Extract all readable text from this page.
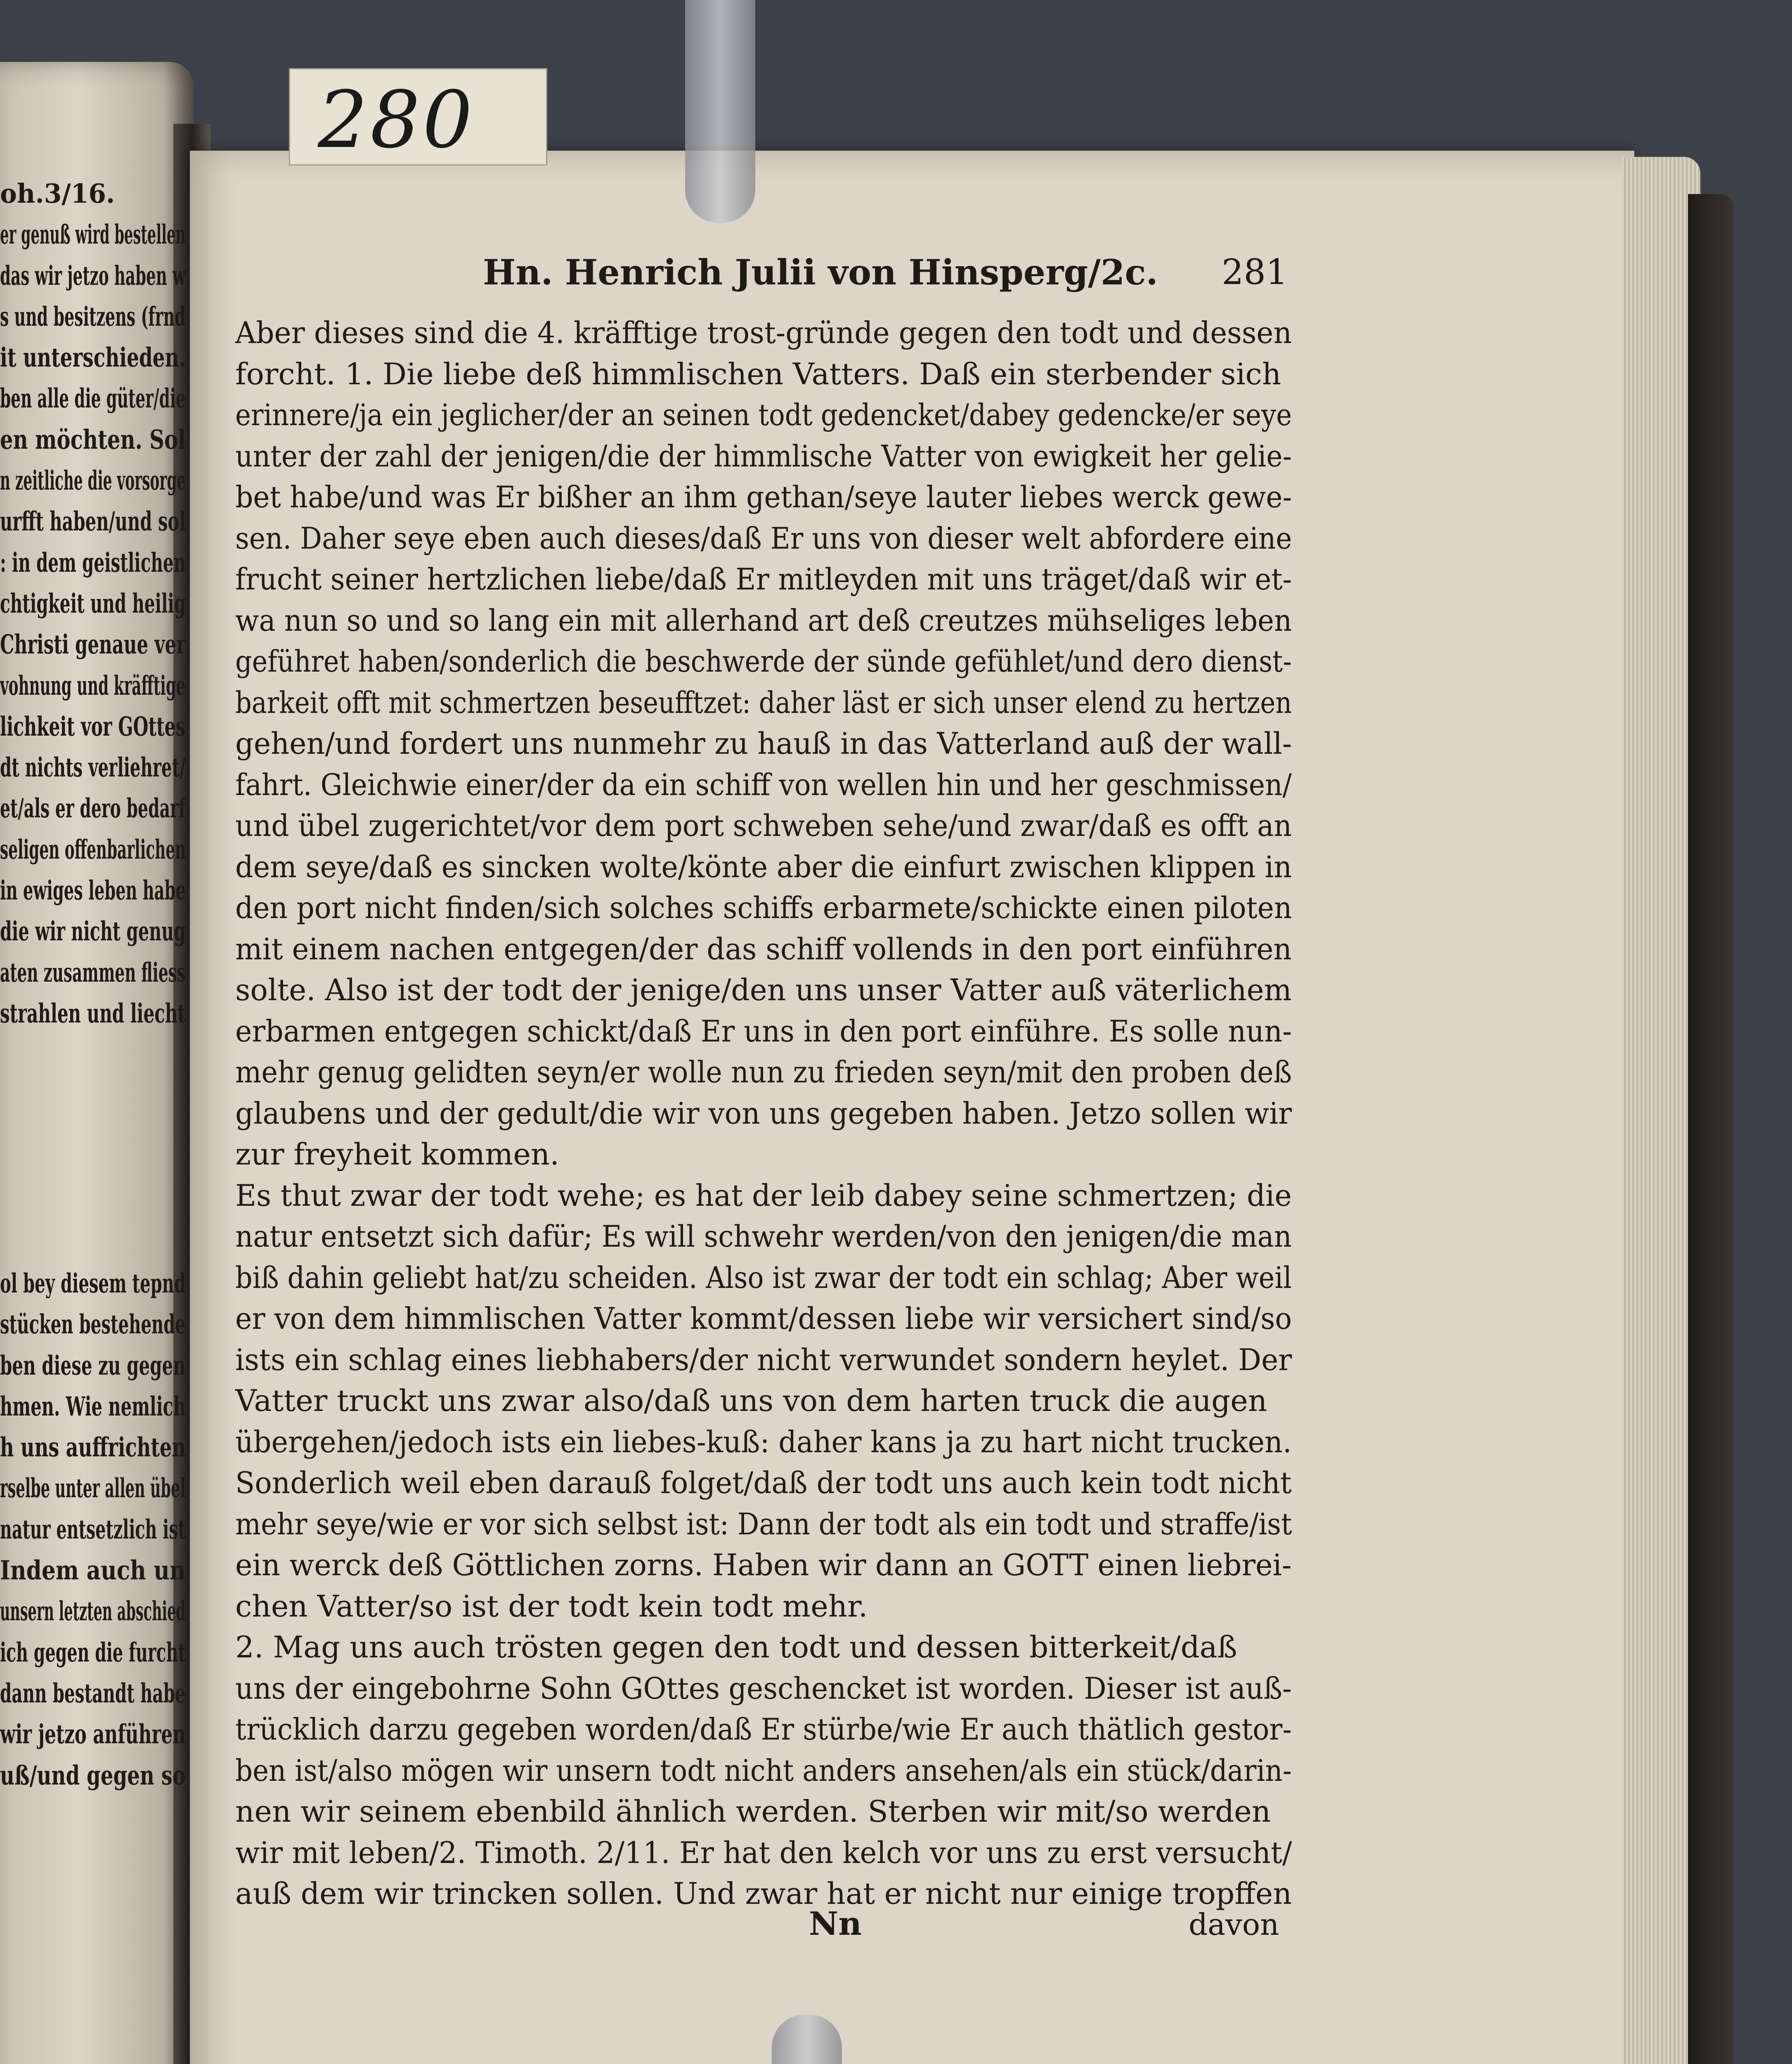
280
oh.3/16.
er genuß wird bestellen
das wir jetzo haben w
s und besitzens (frnd
it unterschieden.
ben alle die güter/die
en möchten. Sol
n zeitliche die vorsorge
urfft haben/und sol
: in dem geistlichen
chtigkeit und heilig
Christi genaue ver
vohnung und kräfftige
lichkeit vor GOttes
dt nichts verliehret/
et/als er dero bedarf
seligen offenbarlichen
in ewiges leben habe
die wir nicht genug
aten zusammen fliess
strahlen und liecht
ol bey diesem tepnd
stücken bestehende
ben diese zu gegen
hmen. Wie nemlich
h uns auffrichten
rselbe unter allen übel
natur entsetzlich ist
Indem auch un
unsern letzten abschied
ich gegen die furcht
dann bestandt habe
wir jetzo anführen
uß/und gegen so
Hn. Henrich Julii von Hinsperg/2c.	281
Aber dieses sind die 4. kräfftige trost-gründe gegen den todt und dessen
forcht. 1. Die liebe deß himmlischen Vatters. Daß ein sterbender sich
erinnere/ja ein jeglicher/der an seinen todt gedencket/dabey gedencke/er seye
unter der zahl der jenigen/die der himmlische Vatter von ewigkeit her gelie-
bet habe/und was Er bißher an ihm gethan/seye lauter liebes werck gewe-
sen. Daher seye eben auch dieses/daß Er uns von dieser welt abfordere eine
frucht seiner hertzlichen liebe/daß Er mitleyden mit uns träget/daß wir et-
wa nun so und so lang ein mit allerhand art deß creutzes mühseliges leben
geführet haben/sonderlich die beschwerde der sünde gefühlet/und dero dienst-
barkeit offt mit schmertzen beseufftzet: daher läst er sich unser elend zu hertzen
gehen/und fordert uns nunmehr zu hauß in das Vatterland auß der wall-
fahrt. Gleichwie einer/der da ein schiff von wellen hin und her geschmissen/
und übel zugerichtet/vor dem port schweben sehe/und zwar/daß es offt an
dem seye/daß es sincken wolte/könte aber die einfurt zwischen klippen in
den port nicht finden/sich solches schiffs erbarmete/schickte einen piloten
mit einem nachen entgegen/der das schiff vollends in den port einführen
solte. Also ist der todt der jenige/den uns unser Vatter auß väterlichem
erbarmen entgegen schickt/daß Er uns in den port einführe. Es solle nun-
mehr genug gelidten seyn/er wolle nun zu frieden seyn/mit den proben deß
glaubens und der gedult/die wir von uns gegeben haben. Jetzo sollen wir
zur freyheit kommen.
Es thut zwar der todt wehe; es hat der leib dabey seine schmertzen; die
natur entsetzt sich dafür; Es will schwehr werden/von den jenigen/die man
biß dahin geliebt hat/zu scheiden. Also ist zwar der todt ein schlag; Aber weil
er von dem himmlischen Vatter kommt/dessen liebe wir versichert sind/so
ists ein schlag eines liebhabers/der nicht verwundet sondern heylet. Der
Vatter truckt uns zwar also/daß uns von dem harten truck die augen
übergehen/jedoch ists ein liebes-kuß: daher kans ja zu hart nicht trucken.
Sonderlich weil eben darauß folget/daß der todt uns auch kein todt nicht
mehr seye/wie er vor sich selbst ist: Dann der todt als ein todt und straffe/ist
ein werck deß Göttlichen zorns. Haben wir dann an GOTT einen liebrei-
chen Vatter/so ist der todt kein todt mehr.
2. Mag uns auch trösten gegen den todt und dessen bitterkeit/daß
uns der eingebohrne Sohn GOttes geschencket ist worden. Dieser ist auß-
trücklich darzu gegeben worden/daß Er stürbe/wie Er auch thätlich gestor-
ben ist/also mögen wir unsern todt nicht anders ansehen/als ein stück/darin-
nen wir seinem ebenbild ähnlich werden. Sterben wir mit/so werden
wir mit leben/2. Timoth. 2/11. Er hat den kelch vor uns zu erst versucht/
auß dem wir trincken sollen. Und zwar hat er nicht nur einige tropffen
Nn	davon
